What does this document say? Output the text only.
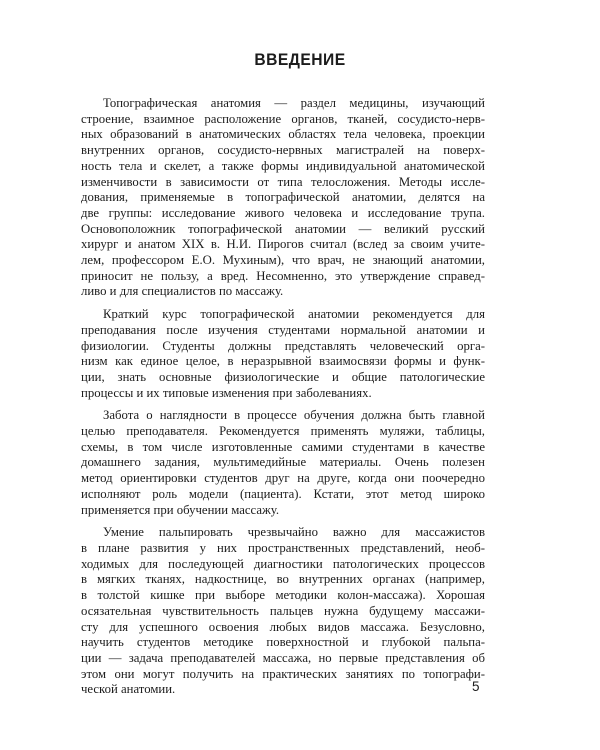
ВВЕДЕНИЕ

Топографическая анатомия — раздел медицины, изучающий
строение, взаимное расположение органов, тканей, сосудисто-нерв-
ных образований в анатомических областях тела человека, проекции
внутренних органов, сосудисто-нервных магистралей на поверх-
ность тела и скелет, а также формы индивидуальной анатомической
изменчивости в зависимости от типа телосложения. Методы иссле-
дования, применяемые в топографической анатомии, делятся на
две группы: исследование живого человека и исследование трупа.
Основоположник топографической анатомии — великий русский
хирург и анатом XIX в. Н.И. Пирогов считал (вслед за своим учите-
лем, профессором Е.О. Мухиным), что врач, не знающий анатомии,
приносит не пользу, а вред. Несомненно, это утверждение справед-
ливо и для специалистов по массажу.

Краткий курс топографической анатомии рекомендуется для
преподавания после изучения студентами нормальной анатомии и
физиологии. Студенты должны представлять человеческий орга-
низм как единое целое, в неразрывной взаимосвязи формы и функ-
ции, знать основные физиологические и общие патологические
процессы и их типовые изменения при заболеваниях.

Забота о наглядности в процессе обучения должна быть главной
целью преподавателя. Рекомендуется применять муляжи, таблицы,
схемы, в том числе изготовленные самими студентами в качестве
домашнего задания, мультимедийные материалы. Очень полезен
метод ориентировки студентов друг на друге, когда они поочередно
исполняют роль модели (пациента). Кстати, этот метод широко
применяется при обучении массажу.

Умение пальпировать чрезвычайно важно для массажистов
в плане развития у них пространственных представлений, необ-
ходимых для последующей диагностики патологических процессов
в мягких тканях, надкостнице, во внутренних органах (например,
в толстой кишке при выборе методики колон-массажа). Хорошая
осязательная чувствительность пальцев нужна будущему массажи-
сту для успешного освоения любых видов массажа. Безусловно,
научить студентов методике поверхностной и глубокой пальпа-
ции — задача преподавателей массажа, но первые представления об
этом они могут получить на практических занятиях по топографи-
ческой анатомии.	5
